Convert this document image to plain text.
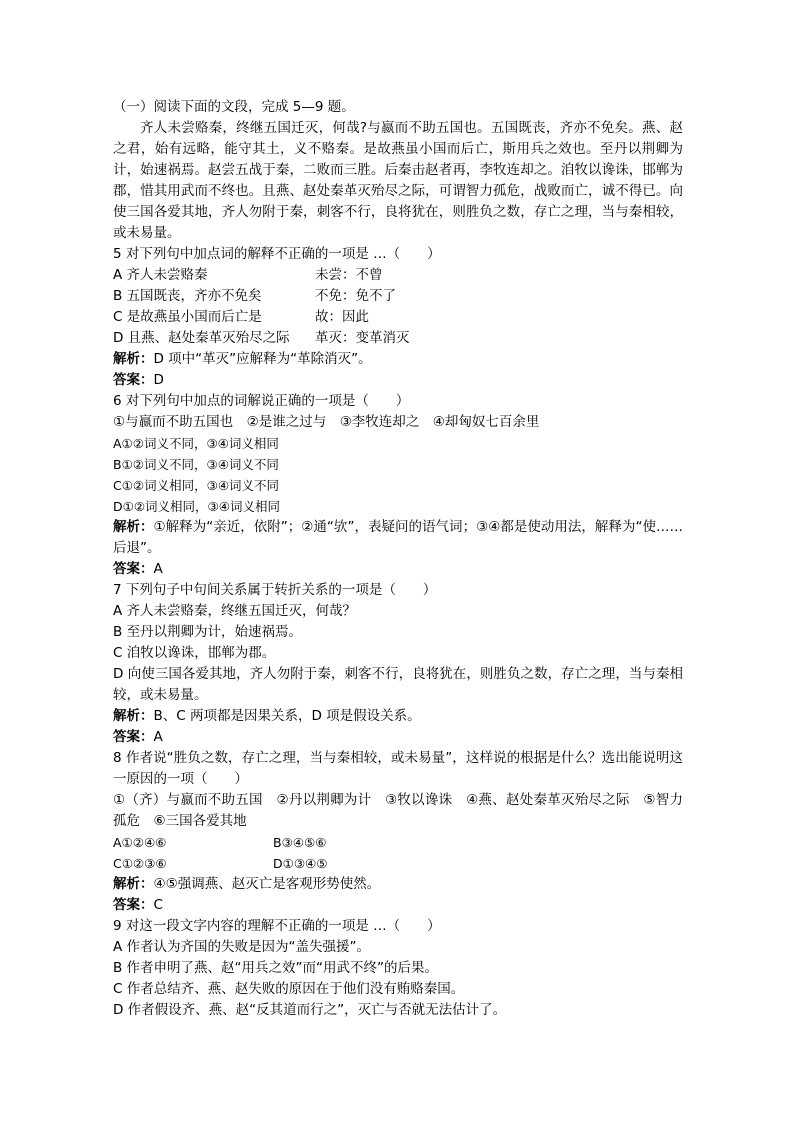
（一）阅读下面的文段，完成 5—9 题。
齐人未尝赂秦，终继五国迁灭，何哉?与嬴而不助五国也。五国既丧，齐亦不免矣。燕、赵之君，始有远略，能守其土，义不赂秦。是故燕虽小国而后亡，斯用兵之效也。至丹以荆卿为计，始速祸焉。赵尝五战于秦，二败而三胜。后秦击赵者再，李牧连却之。洎牧以谗诛，邯郸为郡，惜其用武而不终也。且燕、赵处秦革灭殆尽之际，可谓智力孤危，战败而亡，诚不得已。向使三国各爱其地，齐人勿附于秦，刺客不行，良将犹在，则胜负之数，存亡之理，当与秦相较，或未易量。
5 对下列句中加点词的解释不正确的一项是 …（　　）
A 齐人未尝赂秦	未尝：不曾
B 五国既丧，齐亦不免矣	不免：免不了
C 是故燕虽小国而后亡是	故：因此
D 且燕、赵处秦革灭殆尽之际	革灭：变革消灭
解析：D 项中“革灭”应解释为“革除消灭”。
答案：D
6 对下列句中加点的词解说正确的一项是（　　）
①与嬴而不助五国也　②是谁之过与　③李牧连却之　④却匈奴七百余里
A①②词义不同，③④词义相同
B①②词义不同，③④词义不同
C①②词义相同，③④词义不同
D①②词义相同，③④词义相同
解析：①解释为“亲近，依附”；②通“欤”，表疑问的语气词；③④都是使动用法，解释为“使……后退”。
答案：A
7 下列句子中句间关系属于转折关系的一项是（　　）
A 齐人未尝赂秦，终继五国迁灭，何哉？
B 至丹以荆卿为计，始速祸焉。
C 洎牧以谗诛，邯郸为郡。
D 向使三国各爱其地，齐人勿附于秦，刺客不行，良将犹在，则胜负之数，存亡之理，当与秦相较，或未易量。
解析：B、C 两项都是因果关系，D 项是假设关系。
答案：A
8 作者说“胜负之数，存亡之理，当与秦相较，或未易量”，这样说的根据是什么？选出能说明这一原因的一项（　　）
①（齐）与嬴而不助五国　②丹以荆卿为计　③牧以谗诛　④燕、赵处秦革灭殆尽之际　⑤智力孤危　⑥三国各爱其地
A①②④⑥	B③④⑤⑥
C①②③⑥	D①③④⑤
解析：④⑤强调燕、赵灭亡是客观形势使然。
答案：C
9 对这一段文字内容的理解不正确的一项是 …（　　）
A 作者认为齐国的失败是因为“盖失强援”。
B 作者申明了燕、赵“用兵之效”而“用武不终”的后果。
C 作者总结齐、燕、赵失败的原因在于他们没有贿赂秦国。
D 作者假设齐、燕、赵“反其道而行之”，灭亡与否就无法估计了。
